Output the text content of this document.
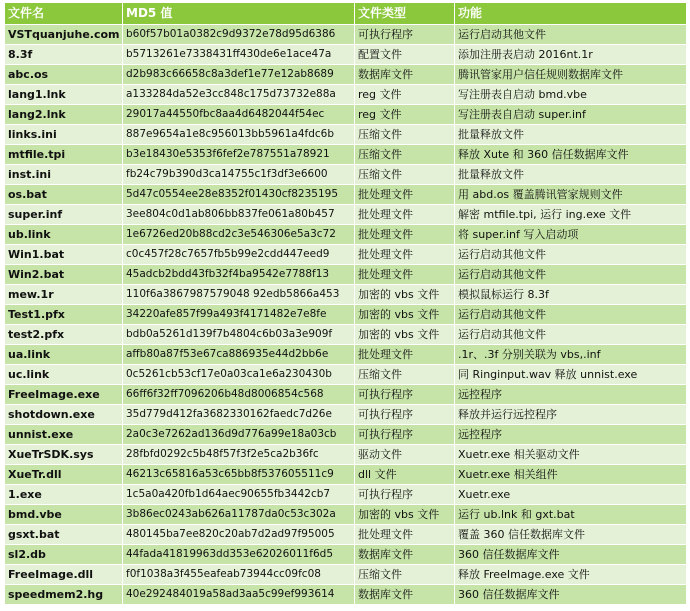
文件名	MD5 值	文件类型	功能
VSTquanjuhe.com	b60f57b01a0382c9d9372e78d95d6386	可执行程序	运行启动其他文件
8.3f	b5713261e7338431ff430de6e1ace47a	配置文件	添加注册表启动 2016nt.1r
abc.os	d2b983c66658c8a3def1e77e12ab8689	数据库文件	腾讯管家用户信任规则数据库文件
lang1.lnk	a133284da52e3cc848c175d73732e88a	reg 文件	写注册表自启动 bmd.vbe
lang2.lnk	29017a44550fbc8aa4d6482044f54ec	reg 文件	写注册表自启动 super.inf
links.ini	887e9654a1e8c956013bb5961a4fdc6b	压缩文件	批量释放文件
mtfile.tpi	b3e18430e5353f6fef2e787551a78921	压缩文件	释放 Xute 和 360 信任数据库文件
inst.ini	fb24c79b390d3ca14755c1f3df3e6600	压缩文件	批量释放文件
os.bat	5d47c0554ee28e8352f01430cf8235195	批处理文件	用 abd.os 覆盖腾讯管家规则文件
super.inf	3ee804c0d1ab806bb837fe061a80b457	批处理文件	解密 mtfile.tpi, 运行 ing.exe 文件
ub.link	1e6726ed20b88cd2c3e546306e5a3c72	批处理文件	将 super.inf 写入启动项
Win1.bat	c0c457f28c7657fb5b99e2cdd447eed9	批处理文件	运行启动其他文件
Win2.bat	45adcb2bdd43fb32f4ba9542e7788f13	批处理文件	运行启动其他文件
mew.1r	110f6a3867987579048 92edb5866a453	加密的 vbs 文件	模拟鼠标运行 8.3f
Test1.pfx	34220afe857f99a493f4171482e7e8fe	加密的 vbs 文件	运行启动其他文件
test2.pfx	bdb0a5261d139f7b4804c6b03a3e909f	加密的 vbs 文件	运行启动其他文件
ua.link	affb80a87f53e67ca886935e44d2bb6e	批处理文件	.1r、.3f 分别关联为 vbs,.inf
uc.link	0c5261cb53cf17e0a03ca1e6a230430b	压缩文件	同 Ringinput.wav 释放 unnist.exe
FreeImage.exe	66ff6f32ff7096206b48d8006854c568	可执行程序	远控程序
shotdown.exe	35d779d412fa3682330162faedc7d26e	可执行程序	释放并运行远控程序
unnist.exe	2a0c3e7262ad136d9d776a99e18a03cb	可执行程序	远控程序
XueTrSDK.sys	28fbfd0292c5b48f57f3f2e5ca2b36fc	驱动文件	Xuetr.exe 相关驱动文件
XueTr.dll	46213c65816a53c65bb8f537605511c9	dll 文件	Xuetr.exe 相关组件
1.exe	1c5a0a420fb1d64aec90655fb3442cb7	可执行程序	Xuetr.exe
bmd.vbe	3b86ec0243ab626a11787da0c53c302a	加密的 vbs 文件	运行 ub.lnk 和 gxt.bat
gsxt.bat	480145ba7ee820c20ab7d2ad97f95005	批处理文件	覆盖 360 信任数据库文件
sl2.db	44fada41819963dd353e62026011f6d5	数据库文件	360 信任数据库文件
FreeImage.dll	f0f1038a3f455eafeab73944cc09fc08	压缩文件	释放 FreeImage.exe 文件
speedmem2.hg	40e292484019a58ad3aa5c99ef993614	数据库文件	360 信任数据库文件
